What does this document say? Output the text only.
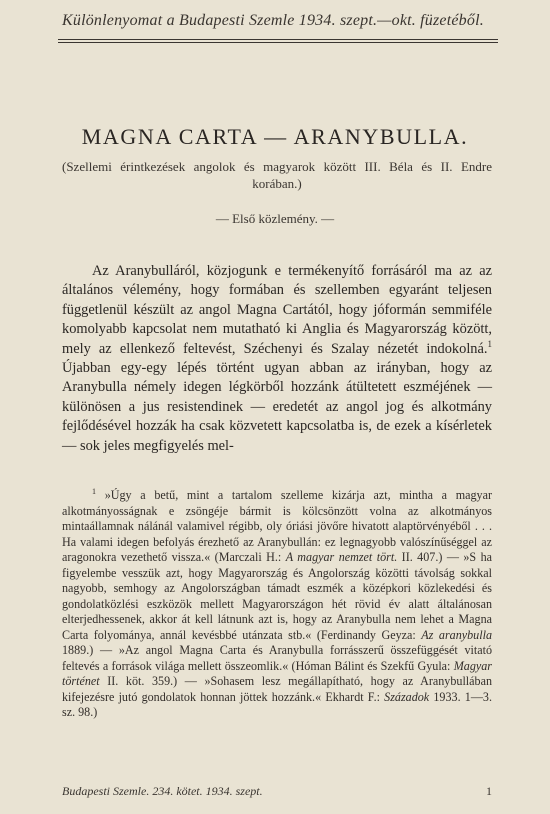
Különlenyomat a Budapesti Szemle 1934. szept.—okt. füzetéből.
MAGNA CARTA — ARANYBULLA.
(Szellemi érintkezések angolok és magyarok között III. Béla és II. Endre korában.)
— Első közlemény. —

Az Aranybulláról, közjogunk e termékenyítő forrásáról ma az az általános vélemény, hogy formában és szellemben egyaránt teljesen függetlenül készült az angol Magna Cartától, hogy jóformán semmiféle komolyabb kapcsolat nem mutatható ki Anglia és Magyarország között, mely az ellenkező feltevést, Széchenyi és Szalay nézetét indokolná.$^1$ Újabban egy-egy lépés történt ugyan abban az irányban, hogy az Aranybulla némely idegen légkörből hozzánk átültetett eszméjének — különösen a jus resistendinek — eredetét az angol jog és alkotmány fejlődésével hozzák ha csak közvetett kapcsolatba is, de ezek a kísérletek — sok jeles megfigyelés mel-

$^1$ »Úgy a betű, mint a tartalom szelleme kizárja azt, mintha a magyar alkotmányosságnak e zsöngéje bármit is kölcsönzött volna az alkotmányos mintaállamnak nálánál valamivel régibb, oly óriási jövőre hivatott alaptörvényéből . . . Ha valami idegen befolyás érezhető az Aranybullán: ez legnagyobb valószínűséggel az aragonokra vezethető vissza.« (Marczali H.: A magyar nemzet tört. II. 407.) — »S ha figyelembe vesszük azt, hogy Magyarország és Angolország közötti távolság sokkal nagyobb, semhogy az Angolországban támadt eszmék a középkori közlekedési és gondolatközlési eszközök mellett Magyarországon hét rövid év alatt általánosan elterjedhessenek, akkor át kell látnunk azt is, hogy az Aranybulla nem lehet a Magna Carta folyománya, annál kevésbbé utánzata stb.« (Ferdinandy Geyza: Az aranybulla 1889.) — »Az angol Magna Carta és Aranybulla forrásszerű összefüggését vitató feltevés a források világa mellett összeomlik.« (Hóman Bálint és Szekfű Gyula: Magyar történet II. köt. 359.) — »Sohasem lesz megállapítható, hogy az Aranybullában kifejezésre jutó gondolatok honnan jöttek hozzánk.« Ekhardt F.: Századok 1933. 1—3. sz. 98.)

Budapesti Szemle. 234. kötet. 1934. szept.	1
